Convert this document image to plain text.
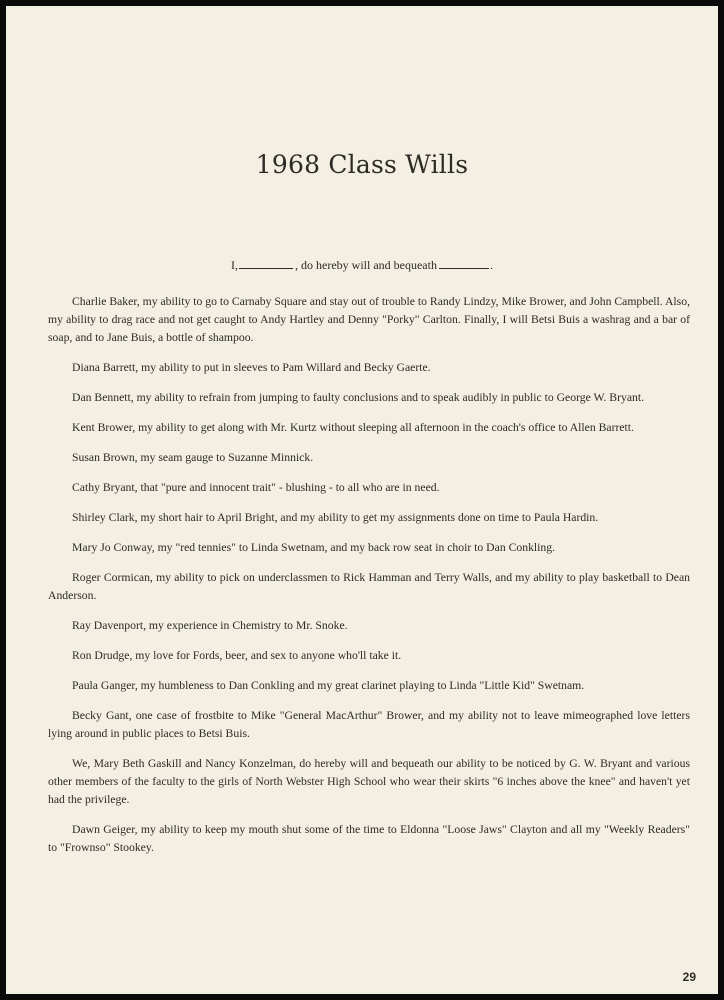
1968 Class Wills
I,	, do hereby will and bequeath	.

Charlie Baker, my ability to go to Carnaby Square and stay out of trouble to Randy Lindzy, Mike Brower, and John Campbell. Also, my ability to drag race and not get caught to Andy Hartley and Denny "Porky" Carlton. Finally, I will Betsi Buis a washrag and a bar of soap, and to Jane Buis, a bottle of shampoo.

Diana Barrett, my ability to put in sleeves to Pam Willard and Becky Gaerte.

Dan Bennett, my ability to refrain from jumping to faulty conclusions and to speak audibly in public to George W. Bryant.

Kent Brower, my ability to get along with Mr. Kurtz without sleeping all afternoon in the coach's office to Allen Barrett.

Susan Brown, my seam gauge to Suzanne Minnick.

Cathy Bryant, that "pure and innocent trait" - blushing - to all who are in need.

Shirley Clark, my short hair to April Bright, and my ability to get my assignments done on time to Paula Hardin.

Mary Jo Conway, my "red tennies" to Linda Swetnam, and my back row seat in choir to Dan Conkling.

Roger Cormican, my ability to pick on underclassmen to Rick Hamman and Terry Walls, and my ability to play basketball to Dean Anderson.

Ray Davenport, my experience in Chemistry to Mr. Snoke.

Ron Drudge, my love for Fords, beer, and sex to anyone who'll take it.

Paula Ganger, my humbleness to Dan Conkling and my great clarinet playing to Linda "Little Kid" Swetnam.

Becky Gant, one case of frostbite to Mike "General MacArthur" Brower, and my ability not to leave mimeographed love letters lying around in public places to Betsi Buis.

We, Mary Beth Gaskill and Nancy Konzelman, do hereby will and bequeath our ability to be noticed by G. W. Bryant and various other members of the faculty to the girls of North Webster High School who wear their skirts "6 inches above the knee" and haven't yet had the privilege.

Dawn Geiger, my ability to keep my mouth shut some of the time to Eldonna "Loose Jaws" Clayton and all my "Weekly Readers" to "Frownso" Stookey.

29
